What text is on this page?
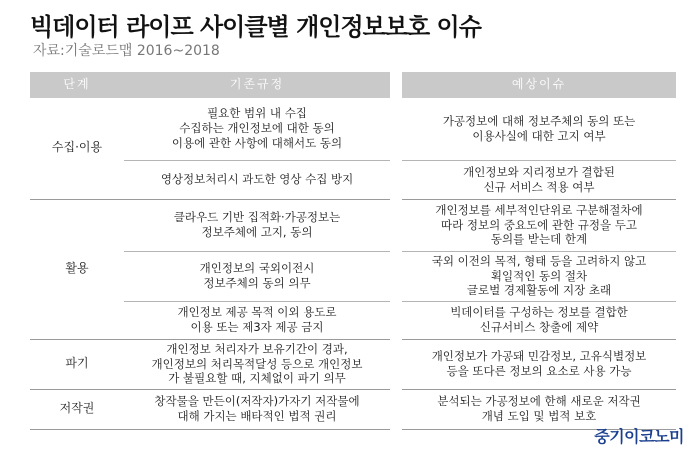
빅데이터 라이프 사이클별 개인정보보호 이슈
자료:기술로드맵 2016~2018
단계	기존규정		예상이슈
수집·이용	필요한 범위 내 수집
수집하는 개인정보에 대한 동의
이용에 관한 사항에 대해서도 동의		가공정보에 대해 정보주체의 동의 또는
이용사실에 대한 고지 여부
	영상정보처리시 과도한 영상 수집 방지		개인정보와 지리정보가 결합된
신규 서비스 적용 여부
활용	클라우드 기반 집적화·가공정보는
정보주체에 고지, 동의		개인정보를 세부적인단위로 구분해절차에
따라 정보의 중요도에 관한 규정을 두고
동의를 받는데 한계
	개인정보의 국외이전시
정보주체의 동의 의무		국외 이전의 목적, 형태 등을 고려하지 않고
획일적인 동의 절차
글로벌 경제활동에 지장 초래
	개인정보 제공 목적 이외 용도로
이용 또는 제3자 제공 금지		빅데이터를 구성하는 정보를 결합한
신규서비스 창출에 제약
파기	개인정보 처리자가 보유기간이 경과,
개인정보의 처리목적달성 등으로 개인정보
가 불필요할 때, 지체없이 파기 의무		개인정보가 가공돼 민감정보, 고유식별정보
등을 또다른 정보의 요소로 사용 가능
저작권	창작물을 만든이(저작자)가자기 저작물에
대해 가지는 배타적인 법적 권리		분석되는 가공정보에 한해 새로운 저작권
개념 도입 및 법적 보호
중기이코노미
